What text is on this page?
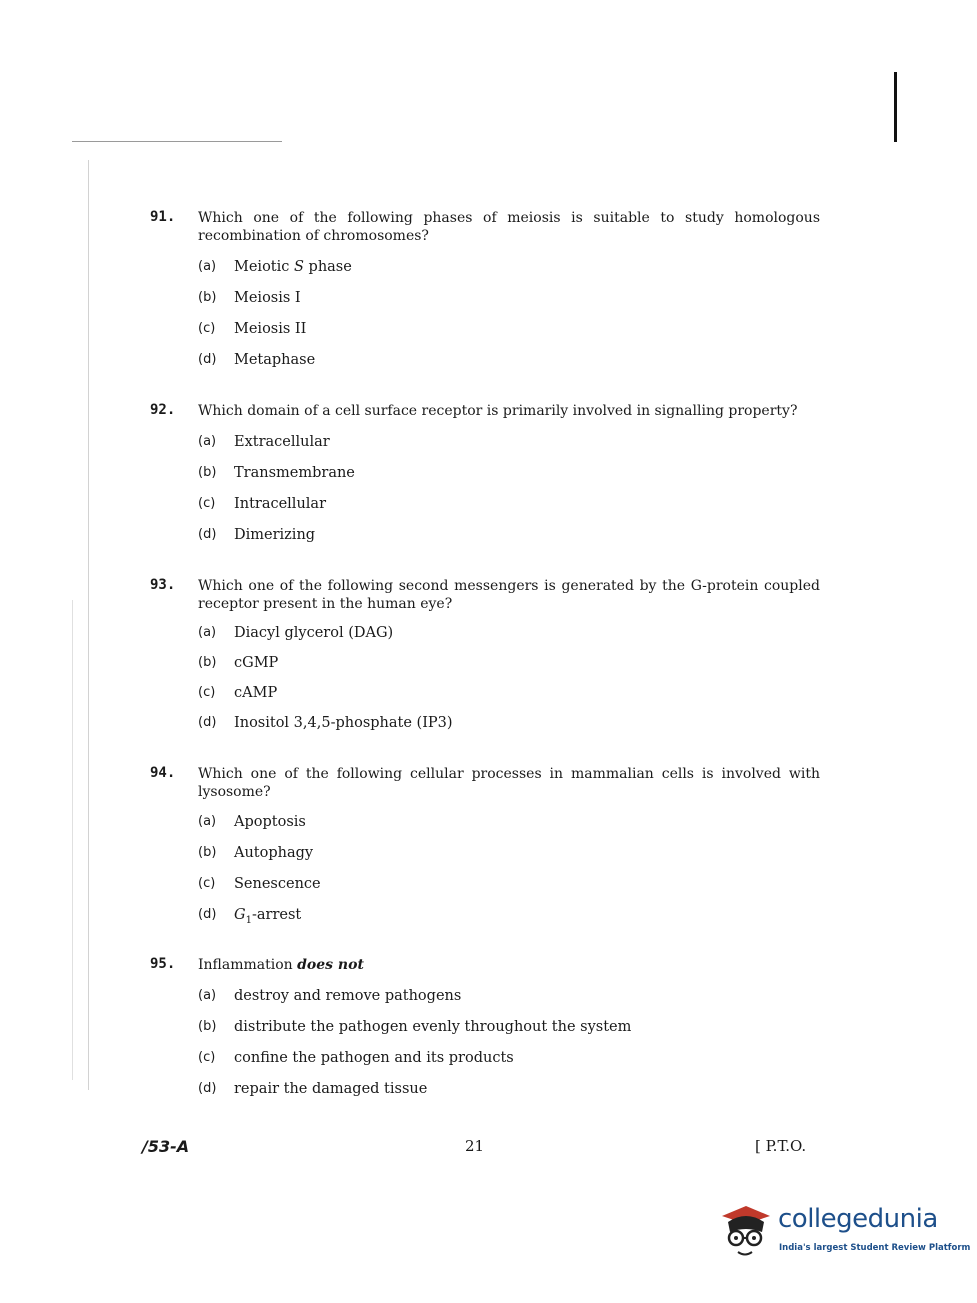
91.	Which one of the following phases of meiosis is suitable to study homologous recombination of chromosomes?
(a) Meiotic S phase
(b) Meiosis I
(c) Meiosis II
(d) Metaphase
92.	Which domain of a cell surface receptor is primarily involved in signalling property?
(a) Extracellular
(b) Transmembrane
(c) Intracellular
(d) Dimerizing
93.	Which one of the following second messengers is generated by the G-protein coupled receptor present in the human eye?
(a) Diacyl glycerol (DAG)
(b) cGMP
(c) cAMP
(d) Inositol 3,4,5-phosphate (IP3)
94.	Which one of the following cellular processes in mammalian cells is involved with lysosome?
(a) Apoptosis
(b) Autophagy
(c) Senescence
(d) $G_1$-arrest
95.	Inflammation does not
(a) destroy and remove pathogens
(b) distribute the pathogen evenly throughout the system
(c) confine the pathogen and its products
(d) repair the damaged tissue
/53-A	21	[ P.T.O.
collegedunia
India's largest Student Review Platform
